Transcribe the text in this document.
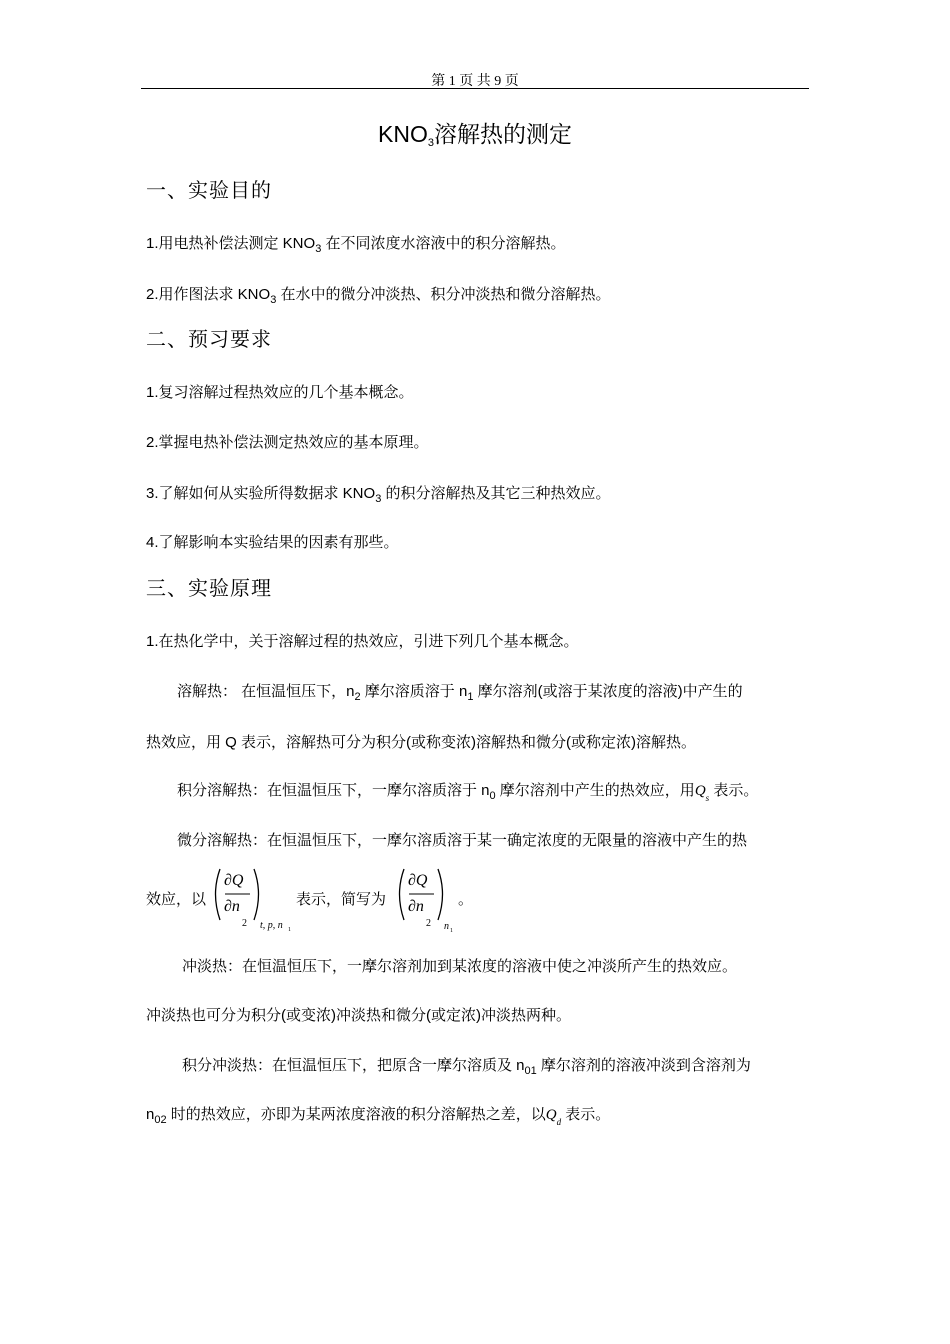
第 1 页 共 9 页
$KNO_3$溶解热的测定
一、实验目的
1.用电热补偿法测定 $KNO_3$ 在不同浓度水溶液中的积分溶解热。
2.用作图法求 $KNO_3$ 在水中的微分冲淡热、积分冲淡热和微分溶解热。
二、预习要求
1.复习溶解过程热效应的几个基本概念。
2.掌握电热补偿法测定热效应的基本原理。
3.了解如何从实验所得数据求 $KNO_3$ 的积分溶解热及其它三种热效应。
4.了解影响本实验结果的因素有那些。
三、实验原理
1.在热化学中，关于溶解过程的热效应，引进下列几个基本概念。
溶解热： 在恒温恒压下，$n_2$ 摩尔溶质溶于 $n_1$ 摩尔溶剂(或溶于某浓度的溶液)中产生的
热效应，用 Q 表示，溶解热可分为积分(或称变浓)溶解热和微分(或称定浓)溶解热。
积分溶解热：在恒温恒压下，一摩尔溶质溶于 $n_0$ 摩尔溶剂中产生的热效应，用$Q_s$ 表示。
微分溶解热：在恒温恒压下，一摩尔溶质溶于某一确定浓度的无限量的溶液中产生的热
效应，以
∂Q
∂n
2 t, p, n 1
表示，简写为
∂Q
∂n
2 n 1
。
冲淡热：在恒温恒压下，一摩尔溶剂加到某浓度的溶液中使之冲淡所产生的热效应。
冲淡热也可分为积分(或变浓)冲淡热和微分(或定浓)冲淡热两种。
积分冲淡热：在恒温恒压下，把原含一摩尔溶质及 $n_{01}$ 摩尔溶剂的溶液冲淡到含溶剂为
$n_{02}$ 时的热效应，亦即为某两浓度溶液的积分溶解热之差，以$Q_d$ 表示。
